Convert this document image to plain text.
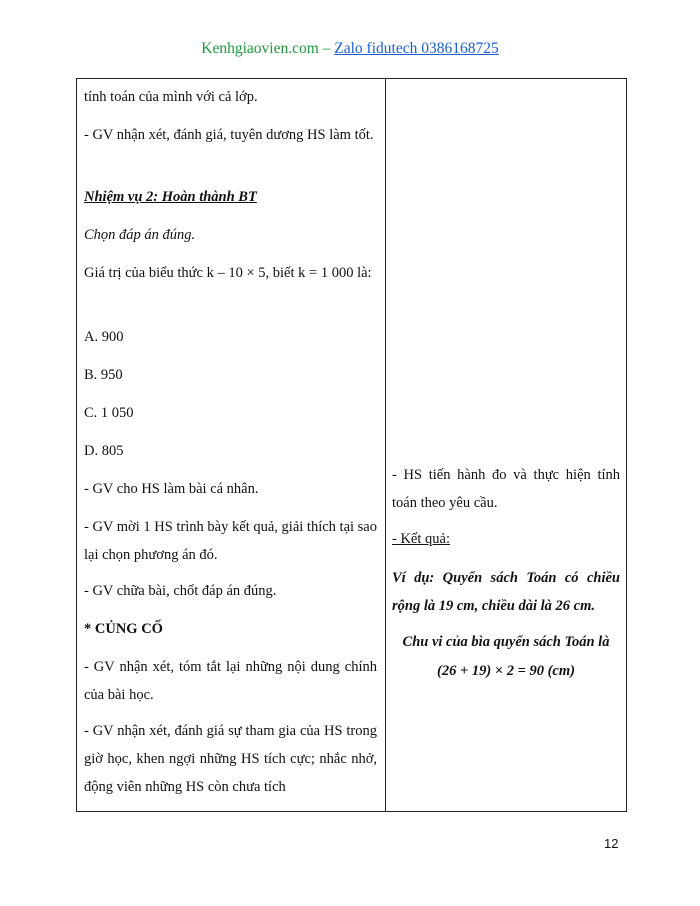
Kenhgiaovien.com – Zalo fidutech 0386168725
tính toán của mình với cả lớp.
- GV nhận xét, đánh giá, tuyên dương HS làm tốt.
Nhiệm vụ 2: Hoàn thành BT
Chọn đáp án đúng.
Giá trị của biểu thức k – 10 × 5, biết k = 1 000 là:
A. 900
B. 950
C. 1 050
D. 805
- GV cho HS làm bài cá nhân.
- GV mời 1 HS trình bày kết quả, giải thích tại sao lại chọn phương án đó.
- GV chữa bài, chốt đáp án đúng.
* CỦNG CỐ
- GV nhận xét, tóm tắt lại những nội dung chính của bài học.
- GV nhận xét, đánh giá sự tham gia của HS trong giờ học, khen ngợi những HS tích cực; nhắc nhở, động viên những HS còn chưa tích

- HS tiến hành đo và thực hiện tính toán theo yêu cầu.
- Kết quả:
Ví dụ: Quyển sách Toán có chiều rộng là 19 cm, chiều dài là 26 cm.
Chu vi của bìa quyển sách Toán là
(26 + 19) × 2 = 90 (cm)
12
